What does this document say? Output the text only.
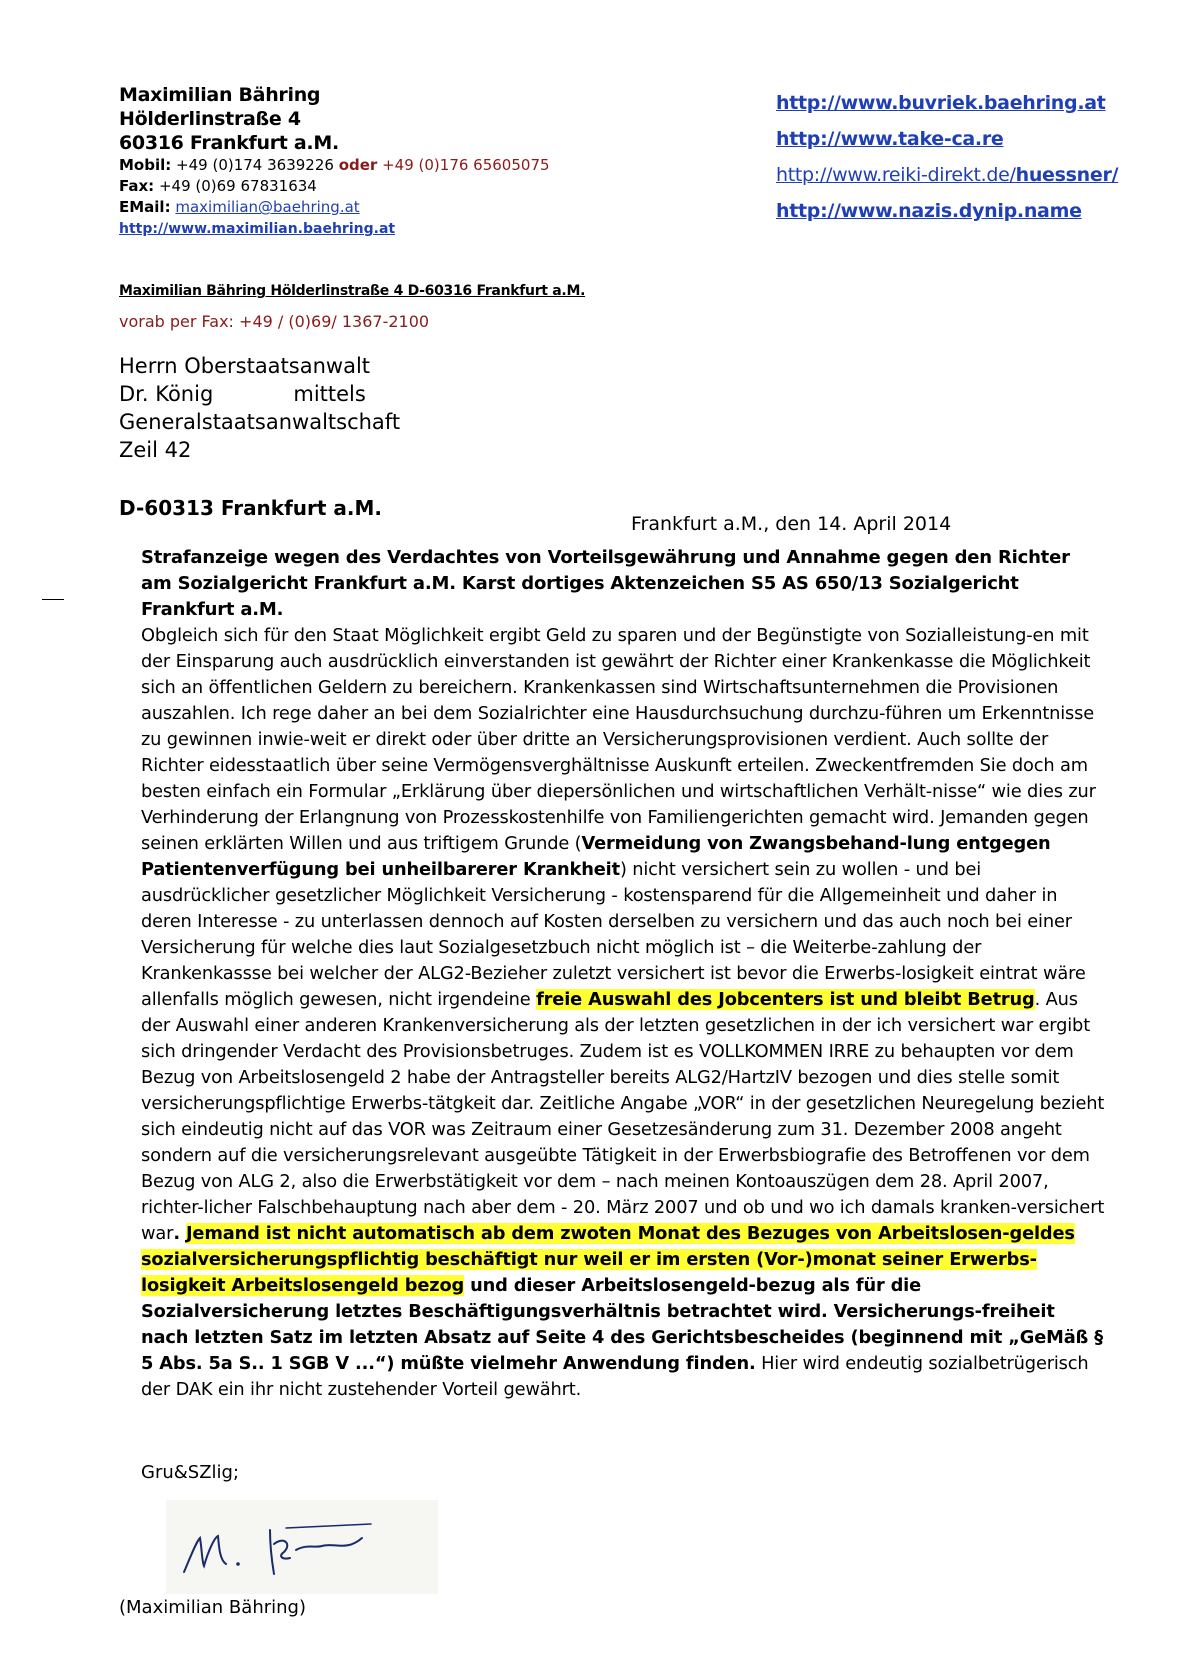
Maximilian Bähring
Hölderlinstraße 4
60316 Frankfurt a.M.
Mobil: +49 (0)174 3639226 oder +49 (0)176 65605075
Fax: +49 (0)69 67831634
EMail: maximilian@baehring.at
http://www.maximilian.baehring.at
http://www.buvriek.baehring.at
http://www.take-ca.re
http://www.reiki-direkt.de/huessner/
http://www.nazis.dynip.name
Maximilian Bähring Hölderlinstraße 4 D-60316 Frankfurt a.M.
vorab per Fax: +49 / (0)69/ 1367-2100
Herrn Oberstaatsanwalt
Dr. König            mittels
Generalstaatsanwaltschaft
Zeil 42
D-60313 Frankfurt a.M.
Frankfurt a.M., den 14. April 2014
Strafanzeige wegen des Verdachtes von Vorteilsgewährung und Annahme gegen den Richter am Sozialgericht Frankfurt a.M. Karst dortiges Aktenzeichen S5 AS 650/13 Sozialgericht Frankfurt a.M.
Obgleich sich für den Staat Möglichkeit ergibt Geld zu sparen und der Begünstigte von Sozialleistung-en mit der Einsparung auch ausdrücklich einverstanden ist gewährt der Richter einer Krankenkasse die Möglichkeit sich an öffentlichen Geldern zu bereichern. Krankenkassen sind Wirtschaftsunternehmen die Provisionen auszahlen. Ich rege daher an bei dem Sozialrichter eine Hausdurchsuchung durchzu-führen um Erkenntnisse zu gewinnen inwie-weit er direkt oder über dritte an Versicherungsprovisionen verdient. Auch sollte der Richter eidesstaatlich über seine Vermögensverghältnisse Auskunft erteilen. Zweckentfremden Sie doch am besten einfach ein Formular „Erklärung über diepersönlichen und wirtschaftlichen Verhält-nisse“ wie dies zur Verhinderung der Erlangnung von Prozesskostenhilfe von Familiengerichten gemacht wird. Jemanden gegen seinen erklärten Willen und aus triftigem Grunde (Vermeidung von Zwangsbehand-lung entgegen Patientenverfügung bei unheilbarerer Krankheit) nicht versichert sein zu wollen - und bei ausdrücklicher gesetzlicher Möglichkeit Versicherung - kostensparend für die Allgemeinheit und daher in deren Interesse - zu unterlassen dennoch auf Kosten derselben zu versichern und das auch noch bei einer Versicherung für welche dies laut Sozialgesetzbuch nicht möglich ist – die Weiterbe-zahlung der Krankenkassse bei welcher der ALG2-Bezieher zuletzt versichert ist bevor die Erwerbs-losigkeit eintrat wäre allenfalls möglich gewesen, nicht irgendeine freie Auswahl des Jobcenters ist und bleibt Betrug. Aus der Auswahl einer anderen Krankenversicherung als der letzten gesetzlichen in der ich versichert war ergibt sich dringender Verdacht des Provisionsbetruges. Zudem ist es VOLLKOMMEN IRRE zu behaupten vor dem Bezug von Arbeitslosengeld 2 habe der Antragsteller bereits ALG2/HartzIV bezogen und dies stelle somit versicherungspflichtige Erwerbs-tätgkeit dar. Zeitliche Angabe „VOR“ in der gesetzlichen Neuregelung bezieht sich eindeutig nicht auf das VOR was Zeitraum einer Gesetzesänderung zum 31. Dezember 2008 angeht sondern auf die versicherungsrelevant ausgeübte Tätigkeit in der Erwerbsbiografie des Betroffenen vor dem Bezug von ALG 2, also die Erwerbstätigkeit vor dem – nach meinen Kontoauszügen dem 28. April 2007, richter-licher Falschbehauptung nach aber dem - 20. März 2007 und ob und wo ich damals kranken-versichert war. Jemand ist nicht automatisch ab dem zwoten Monat des Bezuges von Arbeitslosen-geldes sozialversicherungspflichtig beschäftigt nur weil er im ersten (Vor-)monat seiner Erwerbs-losigkeit Arbeitslosengeld bezog und dieser Arbeitslosengeld-bezug als für die Sozialversicherung letztes Beschäftigungsverhältnis betrachtet wird. Versicherungs-freiheit nach letzten Satz im letzten Absatz auf Seite 4 des Gerichtsbescheides (beginnend mit „GeMäß § 5 Abs. 5a S.. 1 SGB V ...“) müßte vielmehr Anwendung finden. Hier wird endeutig sozialbetrügerisch der DAK ein ihr nicht zustehender Vorteil gewährt.
Gru&SZlig;
(Maximilian Bähring)
